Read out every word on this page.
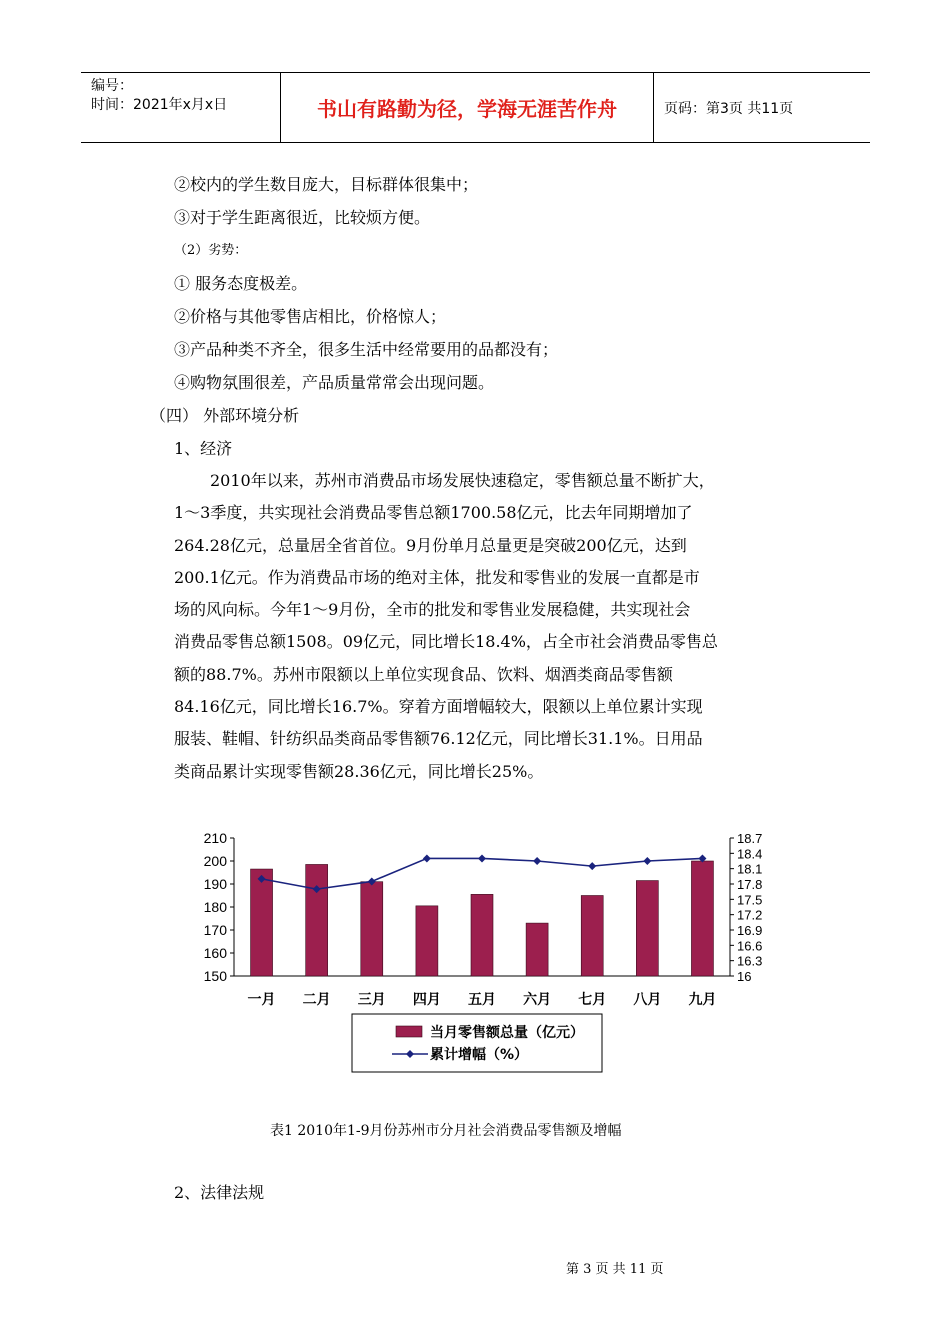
编号：
时间：2021年x月x日	书山有路勤为径，学海无涯苦作舟	页码：第3页 共11页
②校内的学生数目庞大，目标群体很集中；
③对于学生距离很近，比较烦方便。
（2）劣势：
① 服务态度极差。
②价格与其他零售店相比，价格惊人；
③产品种类不齐全，很多生活中经常要用的品都没有；
④购物氛围很差，产品质量常常会出现问题。
（四） 外部环境分析
1、经济
2010年以来，苏州市消费品市场发展快速稳定，零售额总量不断扩大，
1～3季度，共实现社会消费品零售总额1700.58亿元，比去年同期增加了
264.28亿元，总量居全省首位。9月份单月总量更是突破200亿元，达到
200.1亿元。作为消费品市场的绝对主体，批发和零售业的发展一直都是市
场的风向标。今年1～9月份，全市的批发和零售业发展稳健，共实现社会
消费品零售总额1508。09亿元，同比增长18.4%，占全市社会消费品零售总
额的88.7%。苏州市限额以上单位实现食品、饮料、烟酒类商品零售额
84.16亿元，同比增长16.7%。穿着方面增幅较大，限额以上单位累计实现
服装、鞋帽、针纺织品类商品零售额76.12亿元，同比增长31.1%。日用品
类商品累计实现零售额28.36亿元，同比增长25%。
210
200
190
180
170
160
150
18.7
18.4
18.1
17.8
17.5
17.2
16.9
16.6
16.3
16
一月 二月 三月 四月 五月 六月 七月 八月 九月
当月零售额总量（亿元）
累计增幅（%）
表1 2010年1-9月份苏州市分月社会消费品零售额及增幅
2、法律法规
第 3 页 共 11 页
